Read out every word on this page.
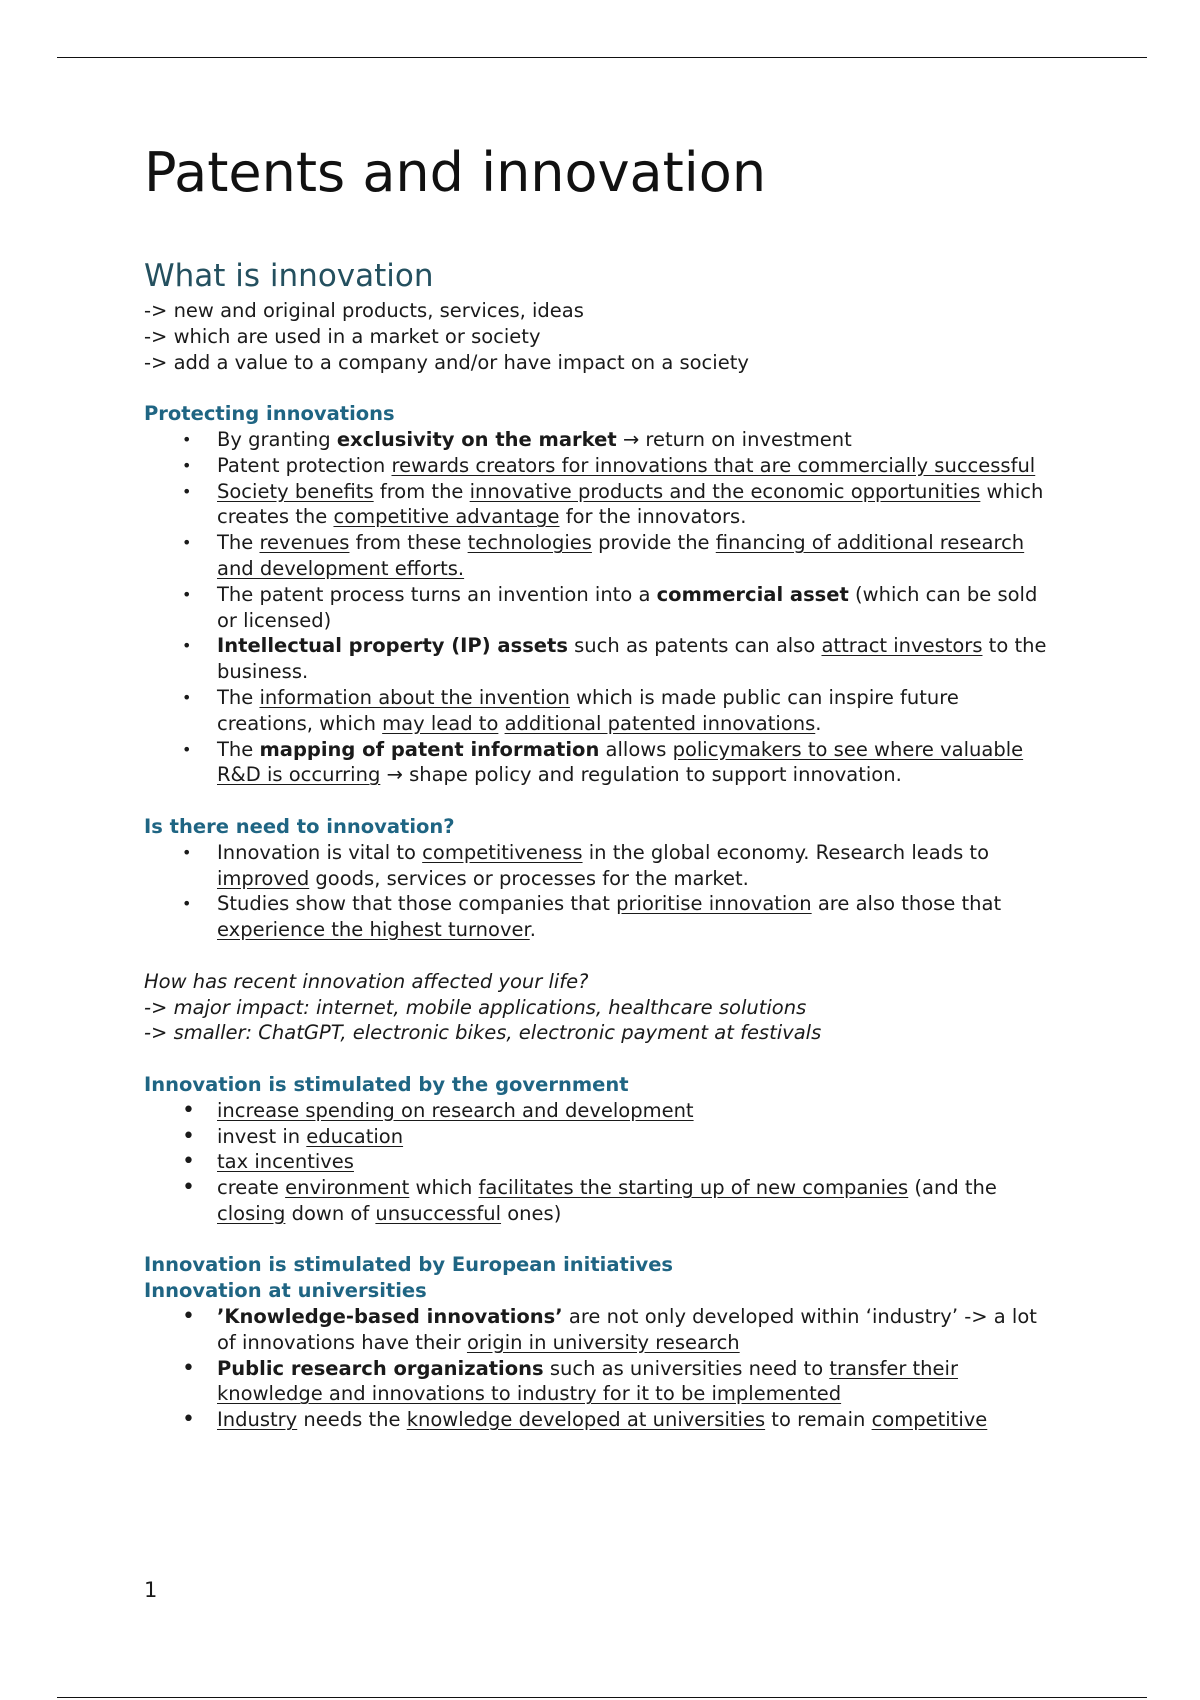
Patents and innovation
What is innovation

-> new and original products, services, ideas

-> which are used in a market or society

-> add a value to a company and/or have impact on a society

Protecting innovations
• By granting exclusivity on the market → return on investment
• Patent protection rewards creators for innovations that are commercially successful
• Society benefits from the innovative products and the economic opportunities which creates the competitive advantage for the innovators.
• The revenues from these technologies provide the financing of additional research and development efforts.
• The patent process turns an invention into a commercial asset (which can be sold or licensed)
• Intellectual property (IP) assets such as patents can also attract investors to the business.
• The information about the invention which is made public can inspire future creations, which may lead to additional patented innovations.
• The mapping of patent information allows policymakers to see where valuable R&D is occurring → shape policy and regulation to support innovation.
Is there need to innovation?
• Innovation is vital to competitiveness in the global economy. Research leads to improved goods, services or processes for the market.
• Studies show that those companies that prioritise innovation are also those that experience the highest turnover.

How has recent innovation affected your life?

-> major impact: internet, mobile applications, healthcare solutions

-> smaller: ChatGPT, electronic bikes, electronic payment at festivals

Innovation is stimulated by the government
• increase spending on research and development
• invest in education
• tax incentives
• create environment which facilitates the starting up of new companies (and the closing down of unsuccessful ones)
Innovation is stimulated by European initiatives
Innovation at universities
• ’Knowledge-based innovations’ are not only developed within ‘industry’ -> a lot of innovations have their origin in university research
• Public research organizations such as universities need to transfer their knowledge and innovations to industry for it to be implemented
• Industry needs the knowledge developed at universities to remain competitive
1
